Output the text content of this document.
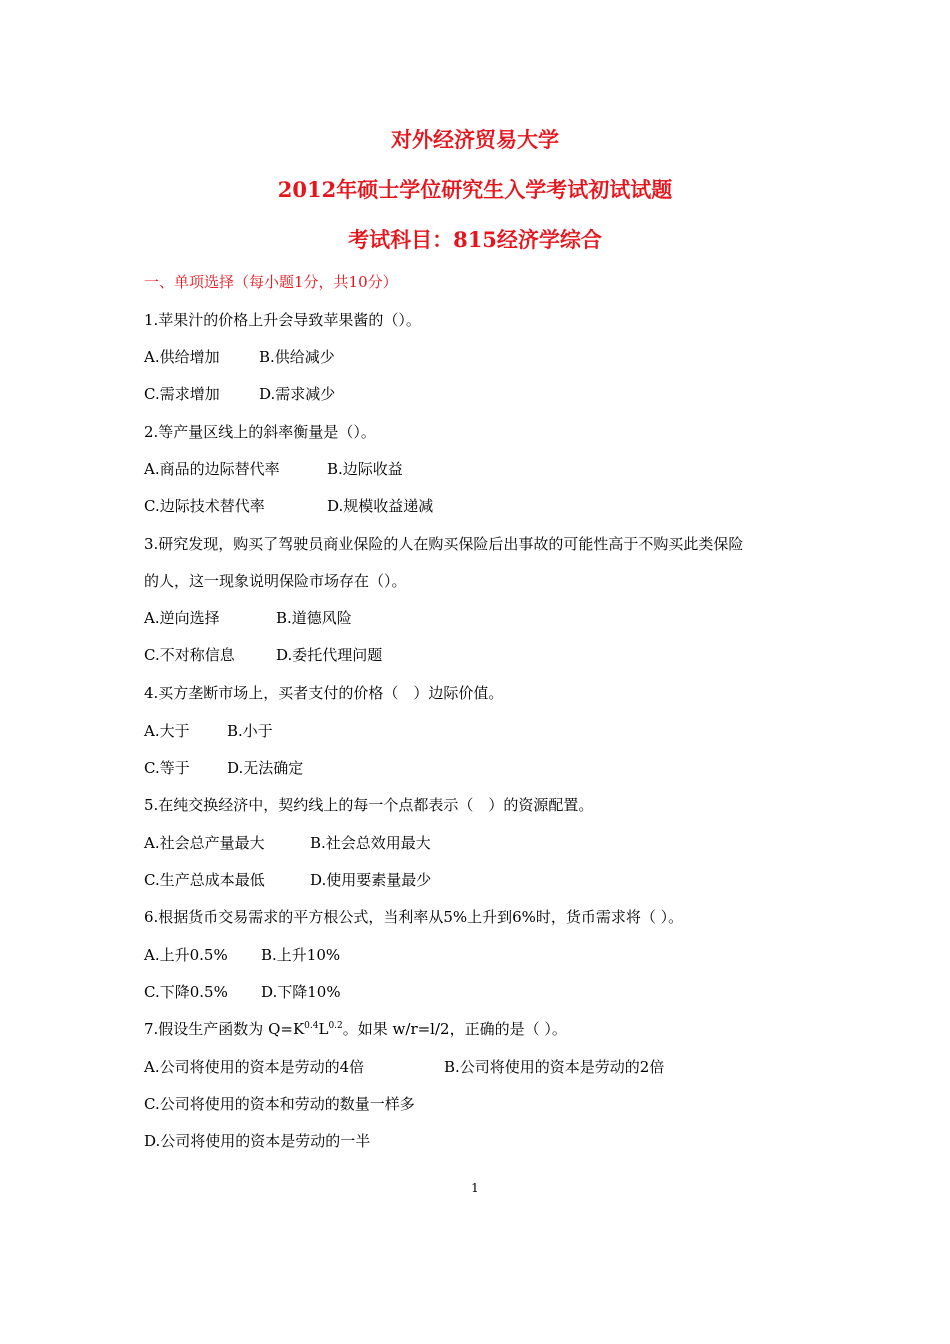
对外经济贸易大学
2012年硕士学位研究生入学考试初试试题
考试科目：815经济学综合
一、单项选择（每小题1分，共10分）
1.苹果汁的价格上升会导致苹果酱的（）。
A.供给增加	B.供给减少
C.需求增加	D.需求减少
2.等产量区线上的斜率衡量是（）。
A.商品的边际替代率	B.边际收益
C.边际技术替代率	D.规模收益递减
3.研究发现，购买了驾驶员商业保险的人在购买保险后出事故的可能性高于不购买此类保险
的人，这一现象说明保险市场存在（）。
A.逆向选择	B.道德风险
C.不对称信息	D.委托代理问题
4.买方垄断市场上，买者支付的价格（　）边际价值。
A.大于 B.小于
C.等于 D.无法确定
5.在纯交换经济中，契约线上的每一个点都表示（　）的资源配置。
A.社会总产量最大	B.社会总效用最大
C.生产总成本最低	D.使用要素量最少
6.根据货币交易需求的平方根公式，当利率从5%上升到6%时，货币需求将（ ）。
A.上升0.5% B.上升10%
C.下降0.5% D.下降10%
7.假设生产函数为 $Q=K^{0.4}L^{0.2}$。如果 w/r=l/2，正确的是（ ）。
A.公司将使用的资本是劳动的4倍	B.公司将使用的资本是劳动的2倍
C.公司将使用的资本和劳动的数量一样多
D.公司将使用的资本是劳动的一半
1
